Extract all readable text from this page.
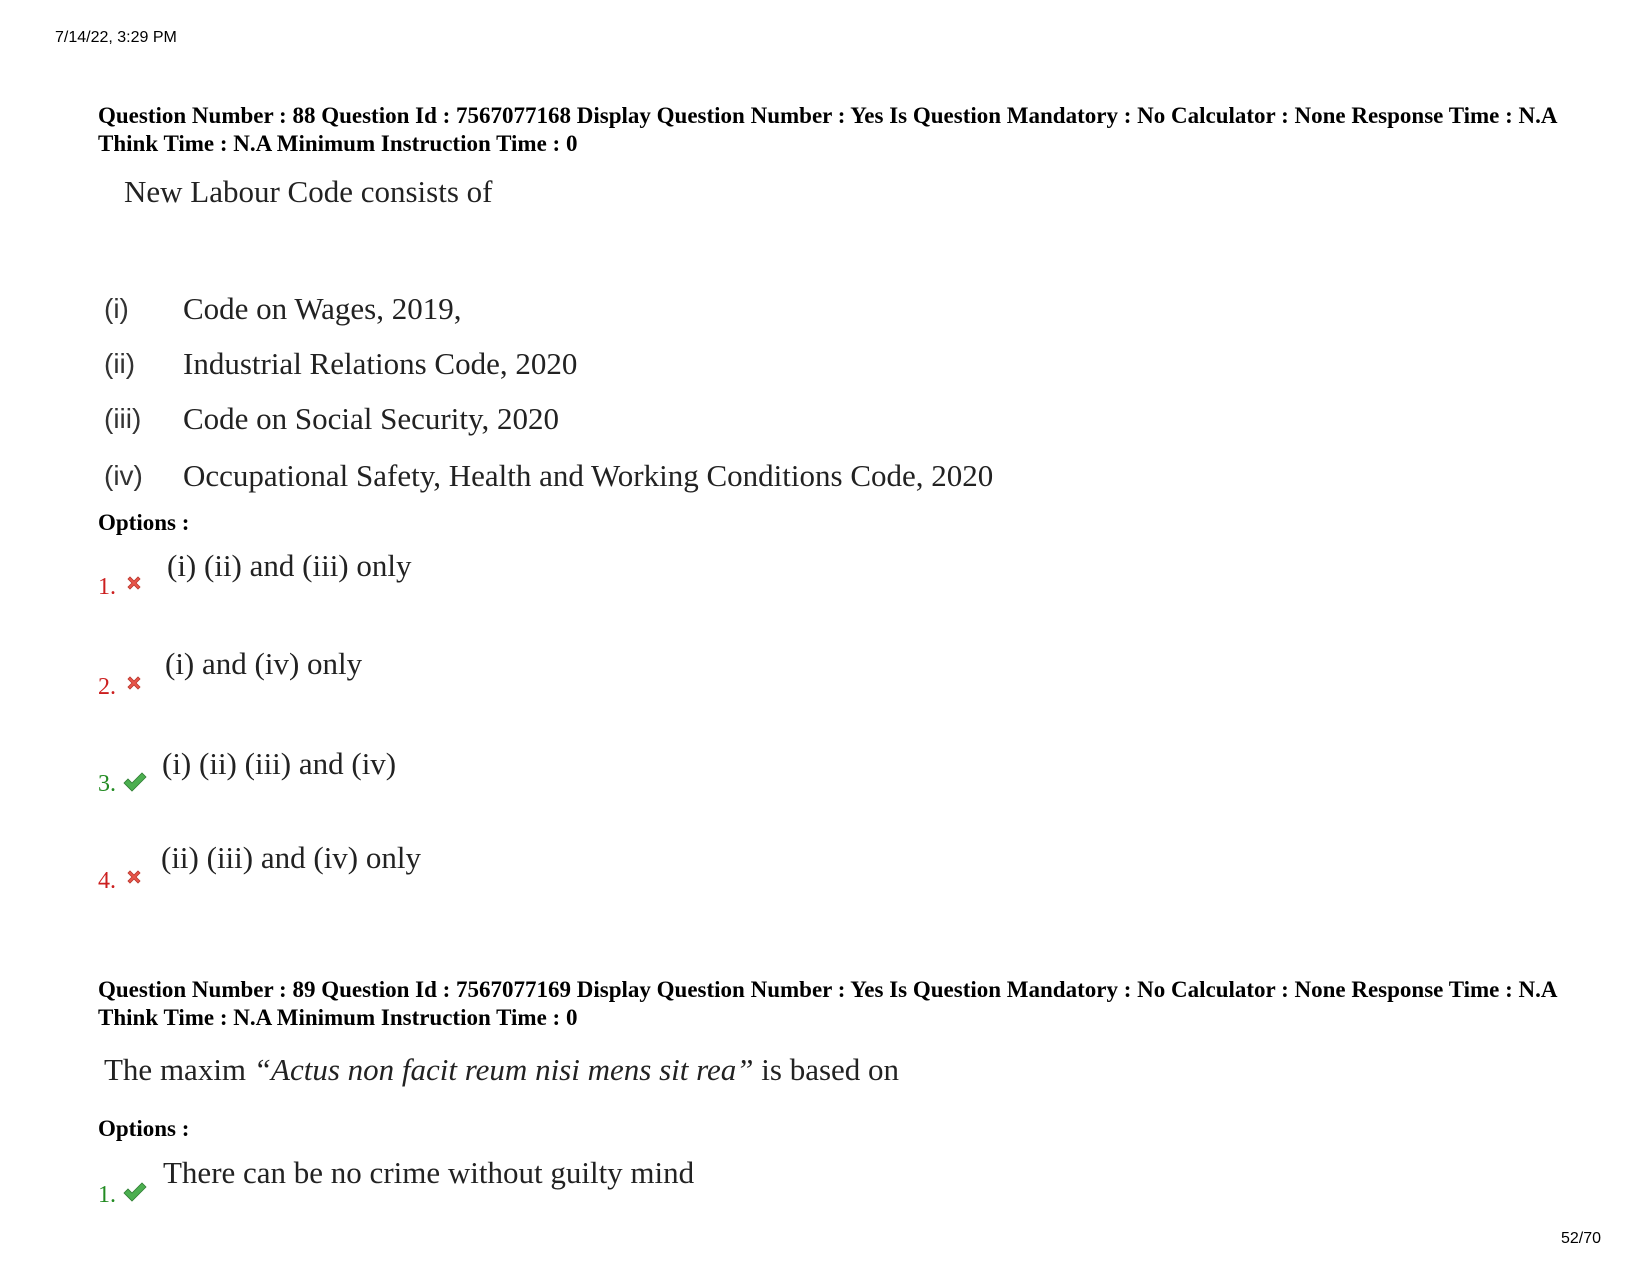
7/14/22, 3:29 PM
Question Number : 88 Question Id : 7567077168 Display Question Number : Yes Is Question Mandatory : No Calculator : None Response Time : N.A Think Time : N.A Minimum Instruction Time : 0
New Labour Code consists of
(i) Code on Wages, 2019,
(ii) Industrial Relations Code, 2020
(iii) Code on Social Security, 2020
(iv) Occupational Safety, Health and Working Conditions Code, 2020
Options :
1.
(i) (ii) and (iii) only
2.
(i) and (iv) only
3.
(i) (ii) (iii) and (iv)
4.
(ii) (iii) and (iv) only
Question Number : 89 Question Id : 7567077169 Display Question Number : Yes Is Question Mandatory : No Calculator : None Response Time : N.A Think Time : N.A Minimum Instruction Time : 0
The maxim “Actus non facit reum nisi mens sit rea” is based on
Options :
1.
There can be no crime without guilty mind
52/70
